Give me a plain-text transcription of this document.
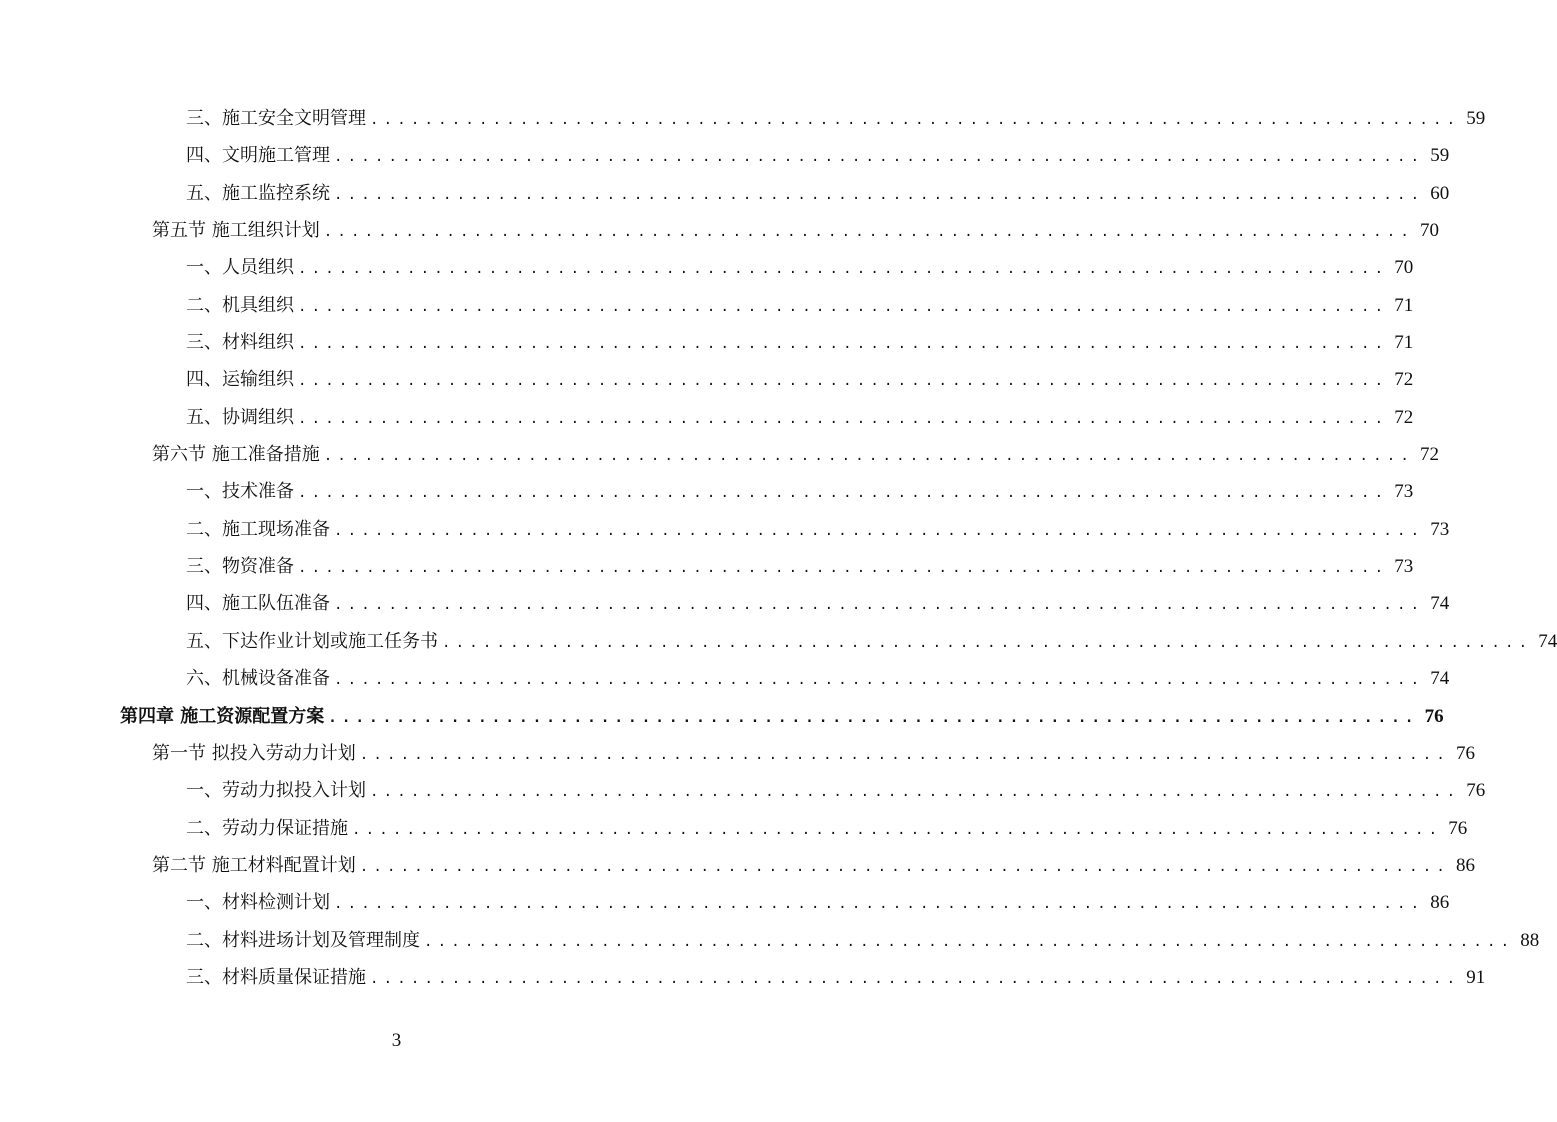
三、施工安全文明管理 ................................................................................ 59
四、文明施工管理 ................................................................................ 59
五、施工监控系统 ................................................................................ 60
第五节 施工组织计划 ................................................................................ 70
一、人员组织 ................................................................................ 70
二、机具组织 ................................................................................ 71
三、材料组织 ................................................................................ 71
四、运输组织 ................................................................................ 72
五、协调组织 ................................................................................ 72
第六节 施工准备措施 ................................................................................ 72
一、技术准备 ................................................................................ 73
二、施工现场准备 ................................................................................ 73
三、物资准备 ................................................................................ 73
四、施工队伍准备 ................................................................................ 74
五、下达作业计划或施工任务书 ................................................................................ 74
六、机械设备准备 ................................................................................ 74
第四章 施工资源配置方案 ................................................................................ 76
第一节 拟投入劳动力计划 ................................................................................ 76
一、劳动力拟投入计划 ................................................................................ 76
二、劳动力保证措施 ................................................................................ 76
第二节 施工材料配置计划 ................................................................................ 86
一、材料检测计划 ................................................................................ 86
二、材料进场计划及管理制度 ................................................................................ 88
三、材料质量保证措施 ................................................................................ 91
3
